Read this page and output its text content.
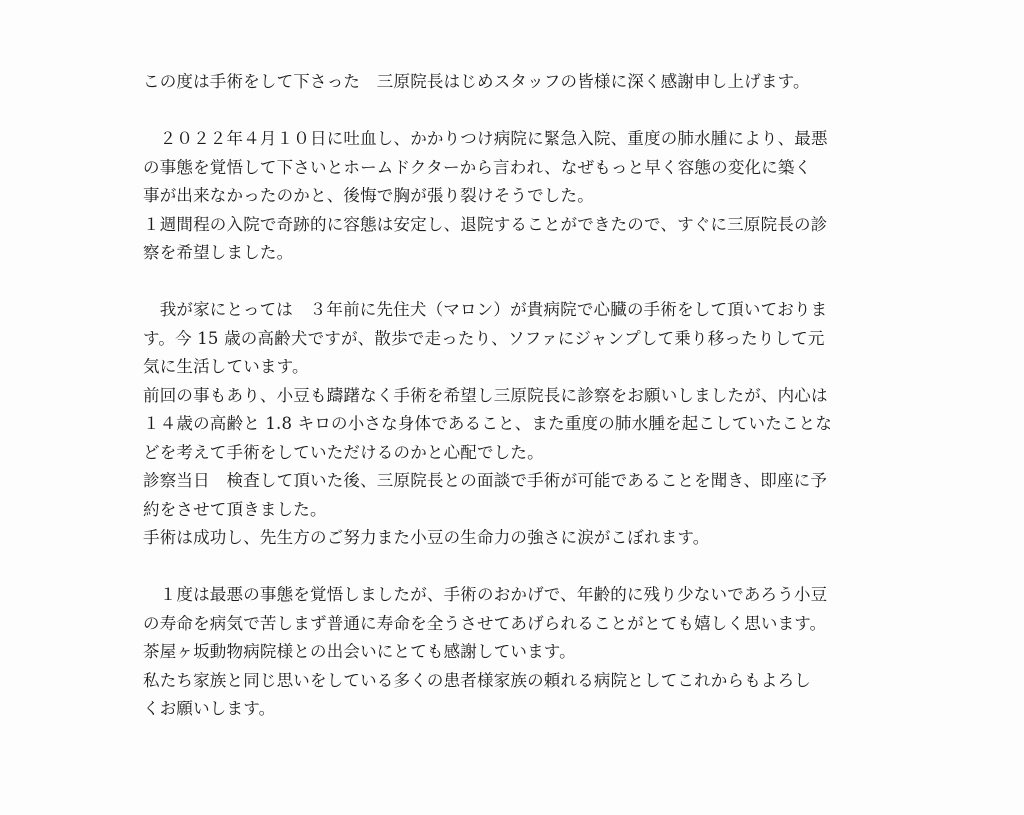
この度は手術をして下さった　三原院長はじめスタッフの皆様に深く感謝申し上げます。
　２０２２年４月１０日に吐血し、かかりつけ病院に緊急入院、重度の肺水腫により、最悪
の事態を覚悟して下さいとホームドクターから言われ、なぜもっと早く容態の変化に築く
事が出来なかったのかと、後悔で胸が張り裂けそうでした。
１週間程の入院で奇跡的に容態は安定し、退院することができたので、すぐに三原院長の診
察を希望しました。
　我が家にとっては　３年前に先住犬（マロン）が貴病院で心臓の手術をして頂いておりま
す。今 15 歳の高齢犬ですが、散歩で走ったり、ソファにジャンプして乗り移ったりして元
気に生活しています。
前回の事もあり、小豆も躊躇なく手術を希望し三原院長に診察をお願いしましたが、内心は
１４歳の高齢と 1.8 キロの小さな身体であること、また重度の肺水腫を起こしていたことな
どを考えて手術をしていただけるのかと心配でした。
診察当日　検査して頂いた後、三原院長との面談で手術が可能であることを聞き、即座に予
約をさせて頂きました。
手術は成功し、先生方のご努力また小豆の生命力の強さに涙がこぼれます。
　１度は最悪の事態を覚悟しましたが、手術のおかげで、年齢的に残り少ないであろう小豆
の寿命を病気で苦しまず普通に寿命を全うさせてあげられることがとても嬉しく思います。
茶屋ヶ坂動物病院様との出会いにとても感謝しています。
私たち家族と同じ思いをしている多くの患者様家族の頼れる病院としてこれからもよろし
くお願いします。
